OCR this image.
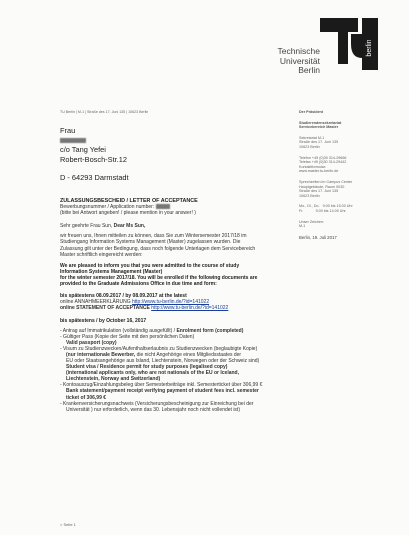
Technische
Universität
Berlin
berlin
TU Berlin | M-1 | Straße des 17. Juni 135 | 10623 Berlin
Frau
c/o Tang Yefei
Robert-Bosch-Str.12
D - 64293 Darmstadt
Der Präsident
Studierendensekretariat
Servicebereich Master
Sekretariat M-1
Straße des 17. Juni 135
10623 Berlin
Telefon +49 (0)30 314-29666
Telefax +49 (0)30 314-29442
Kontaktformular:
www.master.tu-berlin.de
Sprechzeiten im Campus Center
Hauptgebäude, Raum 0030
Straße des 17. Juni 135
10623 Berlin
Mo., Di., Do. 9.00 bis 15.00 Uhr
Fr.	9.00 bis 14.00 Uhr
Unser Zeichen:
M-1
Berlin, 19. Juli 2017
ZULASSUNGSBESCHEID / LETTER OF ACCEPTANCE
Bewerbungsnummer / Application number:
(bitte bei Antwort angeben! / please mention in your answer! )
Sehr geehrte Frau Sun, Dear Ms Sun,
wir freuen uns, Ihnen mitteilen zu können, dass Sie zum Wintersemester 2017/18 im
Studiengang Information Systems Management (Master) zugelassen wurden. Die
Zulassung gilt unter der Bedingung, dass noch folgende Unterlagen dem Servicebereich
Master schriftlich eingereicht werden:
We are pleased to inform you that you were admitted to the course of study
Information Systems Management (Master)
for the winter semester 2017/18. You will be enrolled if the following documents are
provided to the Graduate Admissions Office in due time and form:
bis spätestens 08.09.2017 / by 08.09.2017 at the latest
online ANNAHMEERKLÄRUNG http://www.tu-berlin.de/?id=141022
online STATEMENT OF ACCEPTANCE http://www.tu-berlin.de/?id=141022
bis spätestens / by October 16, 2017
- Antrag auf Immatrikulation (vollständig ausgefüllt) / Enrolment form (completed)
- Gültiger Pass (Kopie der Seite mit den persönlichen Daten)
Valid passport (copy)
- Visum zu Studienzwecken/Aufenthaltserlaubnis zu Studienzwecken (beglaubigte Kopie)
(nur internationale Bewerber, die nicht Angehörige eines Mitgliedsstaates der
EU oder Staatsangehörige aus Island, Liechtenstein, Norwegen oder der Schweiz sind)
Student visa / Residence permit for study purposes (legalised copy)
(international applicants only, who are not nationals of the EU or Iceland,
Liechtenstein, Norway and Switzerland)
- Kontoauszug/Einzahlungsbeleg über Semesterbeiträge inkl. Semesterticket über 306,99 €
Bank statement/payment receipt verifying payment of student fees incl. semester
ticket of 306,99 €
- Krankenversicherungsnachweis (Versicherungsbescheinigung zur Einreichung bei der
Universität ) nur erforderlich, wenn das 30. Lebensjahr noch nicht vollendet ist)
> Seite 1
